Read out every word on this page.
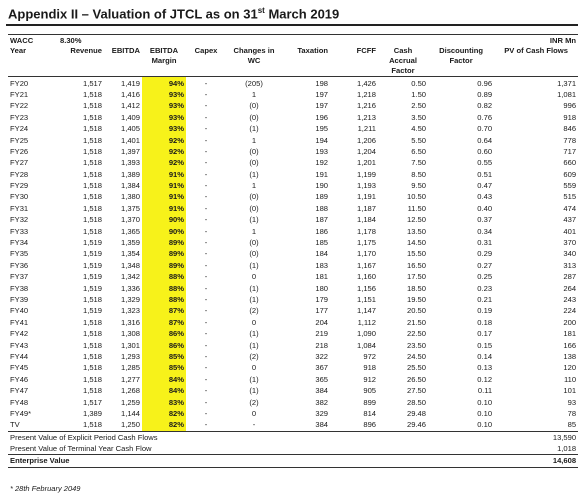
Appendix II – Valuation of JTCL as on 31st March 2019
WACC	8.30%									INR Mn
Year	Revenue	EBITDA	EBITDA Margin	Capex	Changes in WC	Taxation	FCFF	Cash Accrual Factor	Discounting Factor	PV of Cash Flows
FY20	1,517	1,419	94%	-	(205)	198	1,426	0.50	0.96	1,371
FY21	1,518	1,416	93%	-	1	197	1,218	1.50	0.89	1,081
FY22	1,518	1,412	93%	-	(0)	197	1,216	2.50	0.82	996
FY23	1,518	1,409	93%	-	(0)	196	1,213	3.50	0.76	918
FY24	1,518	1,405	93%	-	(1)	195	1,211	4.50	0.70	846
FY25	1,518	1,401	92%	-	1	194	1,206	5.50	0.64	778
FY26	1,518	1,397	92%	-	(0)	193	1,204	6.50	0.60	717
FY27	1,518	1,393	92%	-	(0)	192	1,201	7.50	0.55	660
FY28	1,518	1,389	91%	-	(1)	191	1,199	8.50	0.51	609
FY29	1,518	1,384	91%	-	1	190	1,193	9.50	0.47	559
FY30	1,518	1,380	91%	-	(0)	189	1,191	10.50	0.43	515
FY31	1,518	1,375	91%	-	(0)	188	1,187	11.50	0.40	474
FY32	1,518	1,370	90%	-	(1)	187	1,184	12.50	0.37	437
FY33	1,518	1,365	90%	-	1	186	1,178	13.50	0.34	401
FY34	1,519	1,359	89%	-	(0)	185	1,175	14.50	0.31	370
FY35	1,519	1,354	89%	-	(0)	184	1,170	15.50	0.29	340
FY36	1,519	1,348	89%	-	(1)	183	1,167	16.50	0.27	313
FY37	1,519	1,342	88%	-	0	181	1,160	17.50	0.25	287
FY38	1,519	1,336	88%	-	(1)	180	1,156	18.50	0.23	264
FY39	1,518	1,329	88%	-	(1)	179	1,151	19.50	0.21	243
FY40	1,519	1,323	87%	-	(2)	177	1,147	20.50	0.19	224
FY41	1,518	1,316	87%	-	0	204	1,112	21.50	0.18	200
FY42	1,518	1,308	86%	-	(1)	219	1,090	22.50	0.17	181
FY43	1,518	1,301	86%	-	(1)	218	1,084	23.50	0.15	166
FY44	1,518	1,293	85%	-	(2)	322	972	24.50	0.14	138
FY45	1,518	1,285	85%	-	0	367	918	25.50	0.13	120
FY46	1,518	1,277	84%	-	(1)	365	912	26.50	0.12	110
FY47	1,518	1,268	84%	-	(1)	384	905	27.50	0.11	101
FY48	1,517	1,259	83%	-	(2)	382	899	28.50	0.10	93
FY49*	1,389	1,144	82%	-	0	329	814	29.48	0.10	78
TV	1,518	1,250	82%	-	-	384	896	29.46	0.10	85
Present Value of Explicit Period Cash Flows										13,590
Present Value of Terminal Year Cash Flow										1,018
Enterprise Value										14,608
* 28th February 2049
